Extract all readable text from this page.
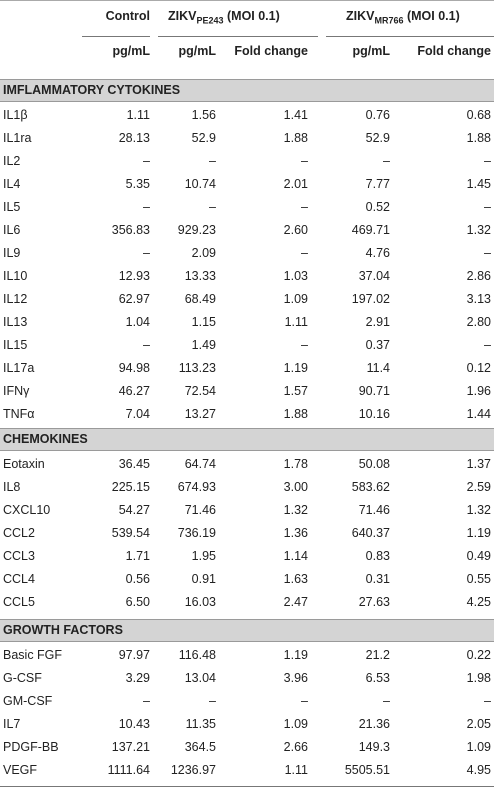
Control $ZIKV_{PE243}$ (MOI 0.1)	$ZIKV_{MR766}$ (MOI 0.1)
pg/mL pg/mL Fold change	pg/mL Fold change
IMFLAMMATORY CYTOKINES
IL1β	1.11	1.56	1.41	0.76	0.68
IL1ra	28.13	52.9	1.88	52.9	1.88
IL2	–	–	–	–	–
IL4	5.35	10.74	2.01	7.77	1.45
IL5	–	–	–	0.52	–
IL6	356.83 929.23	2.60	469.71	1.32
IL9	–	2.09	–	4.76	–
IL10	12.93	13.33	1.03	37.04	2.86
IL12	62.97	68.49	1.09	197.02	3.13
IL13	1.04	1.15	1.11	2.91	2.80
IL15	–	1.49	–	0.37	–
IL17a	94.98 113.23	1.19	11.4	0.12
IFNγ	46.27	72.54	1.57	90.71	1.96
TNFα	7.04	13.27	1.88	10.16	1.44
CHEMOKINES
Eotaxin	36.45	64.74	1.78	50.08	1.37
IL8	225.15 674.93	3.00	583.62	2.59
CXCL10	54.27	71.46	1.32	71.46	1.32
CCL2	539.54 736.19	1.36	640.37	1.19
CCL3	1.71	1.95	1.14	0.83	0.49
CCL4	0.56	0.91	1.63	0.31	0.55
CCL5	6.50	16.03	2.47	27.63	4.25
GROWTH FACTORS
Basic FGF	97.97 116.48	1.19	21.2	0.22
G-CSF	3.29	13.04	3.96	6.53	1.98
GM-CSF	–	–	–	–	–
IL7	10.43	11.35	1.09	21.36	2.05
PDGF-BB	137.21	364.5	2.66	149.3	1.09
VEGF	1111.64 1236.97	1.11	5505.51	4.95
